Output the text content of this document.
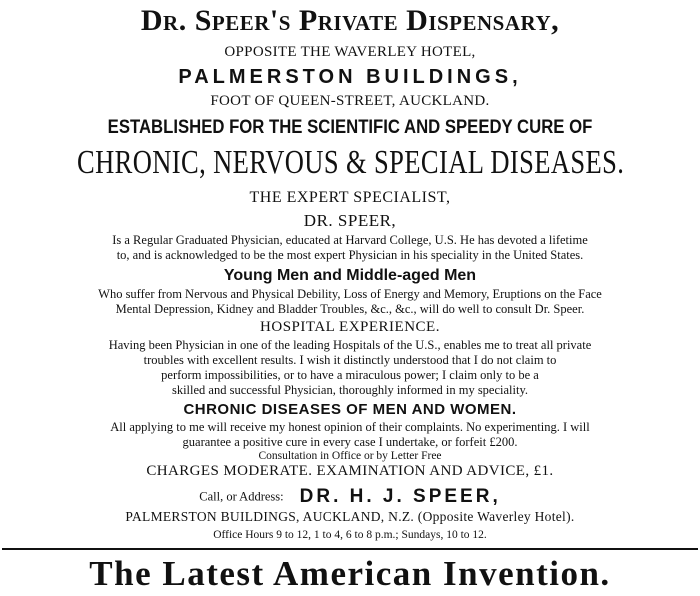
Dr. Speer's Private Dispensary,
OPPOSITE THE WAVERLEY HOTEL,
PALMERSTON BUILDINGS,
FOOT OF QUEEN-STREET, AUCKLAND.
ESTABLISHED FOR THE SCIENTIFIC AND SPEEDY CURE OF
CHRONIC, NERVOUS & SPECIAL DISEASES.
THE EXPERT SPECIALIST,
DR. SPEER,
Is a Regular Graduated Physician, educated at Harvard College, U.S. He has devoted a lifetime
to, and is acknowledged to be the most expert Physician in his speciality in the United States.
Young Men and Middle-aged Men
Who suffer from Nervous and Physical Debility, Loss of Energy and Memory, Eruptions on the Face
Mental Depression, Kidney and Bladder Troubles, &c., &c., will do well to consult Dr. Speer.
HOSPITAL EXPERIENCE.
Having been Physician in one of the leading Hospitals of the U.S., enables me to treat all private
troubles with excellent results. I wish it distinctly understood that I do not claim to
perform impossibilities, or to have a miraculous power; I claim only to be a
skilled and successful Physician, thoroughly informed in my speciality.
CHRONIC DISEASES OF MEN AND WOMEN.
All applying to me will receive my honest opinion of their complaints. No experimenting. I will
guarantee a positive cure in every case I undertake, or forfeit £200.
Consultation in Office or by Letter Free
CHARGES MODERATE. EXAMINATION AND ADVICE, £1.
Call, or Address: DR. H. J. SPEER,
PALMERSTON BUILDINGS, AUCKLAND, N.Z. (Opposite Waverley Hotel).
Office Hours 9 to 12, 1 to 4, 6 to 8 p.m.; Sundays, 10 to 12.
The Latest American Invention.
